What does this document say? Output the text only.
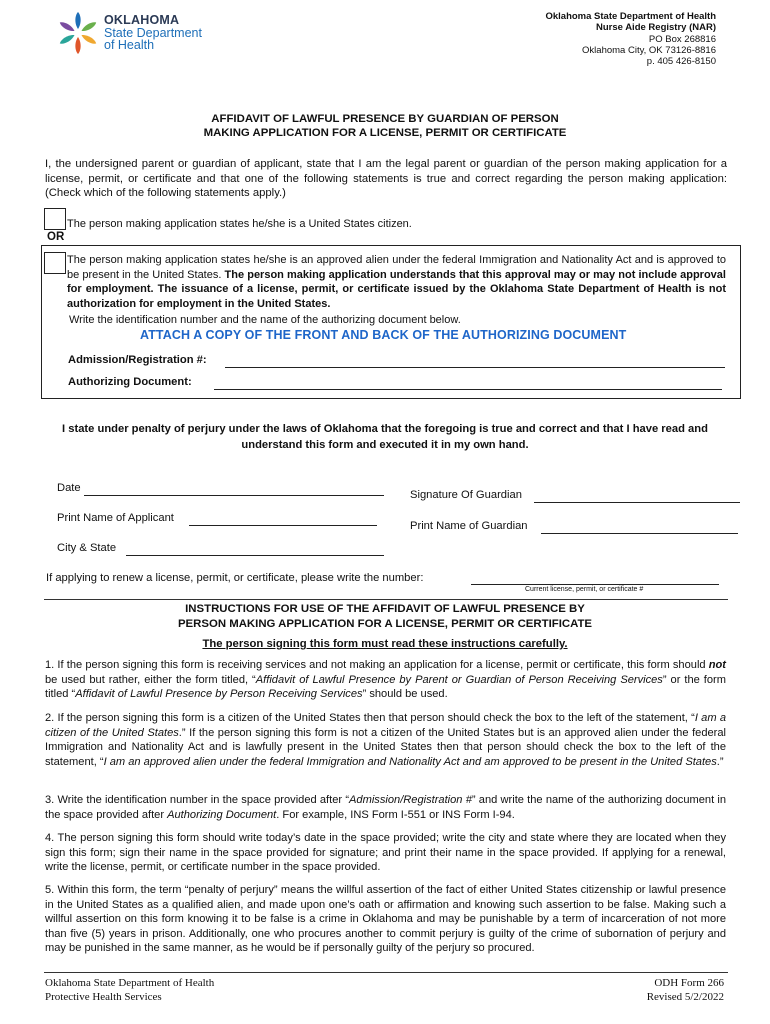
OKLAHOMA
State Department
of Health
Oklahoma State Department of Health
Nurse Aide Registry (NAR)
PO Box 268816
Oklahoma City, OK 73126-8816
p. 405 426-8150
AFFIDAVIT OF LAWFUL PRESENCE BY GUARDIAN OF PERSON
MAKING APPLICATION FOR A LICENSE, PERMIT OR CERTIFICATE
I, the undersigned parent or guardian of applicant, state that I am the legal parent or guardian of the person making application for a license, permit, or certificate and that one of the following statements is true and correct regarding the person making application: (Check which of the following statements apply.)
The person making application states he/she is a United States citizen.
OR
The person making application states he/she is an approved alien under the federal Immigration and Nationality Act and is approved to be present in the United States. The person making application understands that this approval may or may not include approval for employment. The issuance of a license, permit, or certificate issued by the Oklahoma State Department of Health is not authorization for employment in the United States.
Write the identification number and the name of the authorizing document below.
ATTACH A COPY OF THE FRONT AND BACK OF THE AUTHORIZING DOCUMENT
Admission/Registration #:
Authorizing Document:
I state under penalty of perjury under the laws of Oklahoma that the foregoing is true and correct and that I have read and understand this form and executed it in my own hand.
Date
Print Name of Applicant
City & State
Signature Of Guardian
Print Name of Guardian
If applying to renew a license, permit, or certificate, please write the number:
Current license, permit, or certificate #
INSTRUCTIONS FOR USE OF THE AFFIDAVIT OF LAWFUL PRESENCE BY
PERSON MAKING APPLICATION FOR A LICENSE, PERMIT OR CERTIFICATE
The person signing this form must read these instructions carefully.
1. If the person signing this form is receiving services and not making an application for a license, permit or certificate, this form should not be used but rather, either the form titled, “Affidavit of Lawful Presence by Parent or Guardian of Person Receiving Services” or the form titled “Affidavit of Lawful Presence by Person Receiving Services” should be used.
2. If the person signing this form is a citizen of the United States then that person should check the box to the left of the statement, “I am a citizen of the United States.” If the person signing this form is not a citizen of the United States but is an approved alien under the federal Immigration and Nationality Act and is lawfully present in the United States then that person should check the box to the left of the statement, “I am an approved alien under the federal Immigration and Nationality Act and am approved to be present in the United States.”
3. Write the identification number in the space provided after “Admission/Registration #” and write the name of the authorizing document in the space provided after Authorizing Document. For example, INS Form I-551 or INS Form I-94.
4. The person signing this form should write today’s date in the space provided; write the city and state where they are located when they sign this form; sign their name in the space provided for signature; and print their name in the space provided. If applying for a renewal, write the license, permit, or certificate number in the space provided.
5. Within this form, the term “penalty of perjury” means the willful assertion of the fact of either United States citizenship or lawful presence in the United States as a qualified alien, and made upon one’s oath or affirmation and knowing such assertion to be false. Making such a willful assertion on this form knowing it to be false is a crime in Oklahoma and may be punishable by a term of incarceration of not more than five (5) years in prison. Additionally, one who procures another to commit perjury is guilty of the crime of subornation of perjury and may be punished in the same manner, as he would be if personally guilty of the perjury so procured.
Oklahoma State Department of Health
Protective Health Services
ODH Form 266
Revised 5/2/2022
